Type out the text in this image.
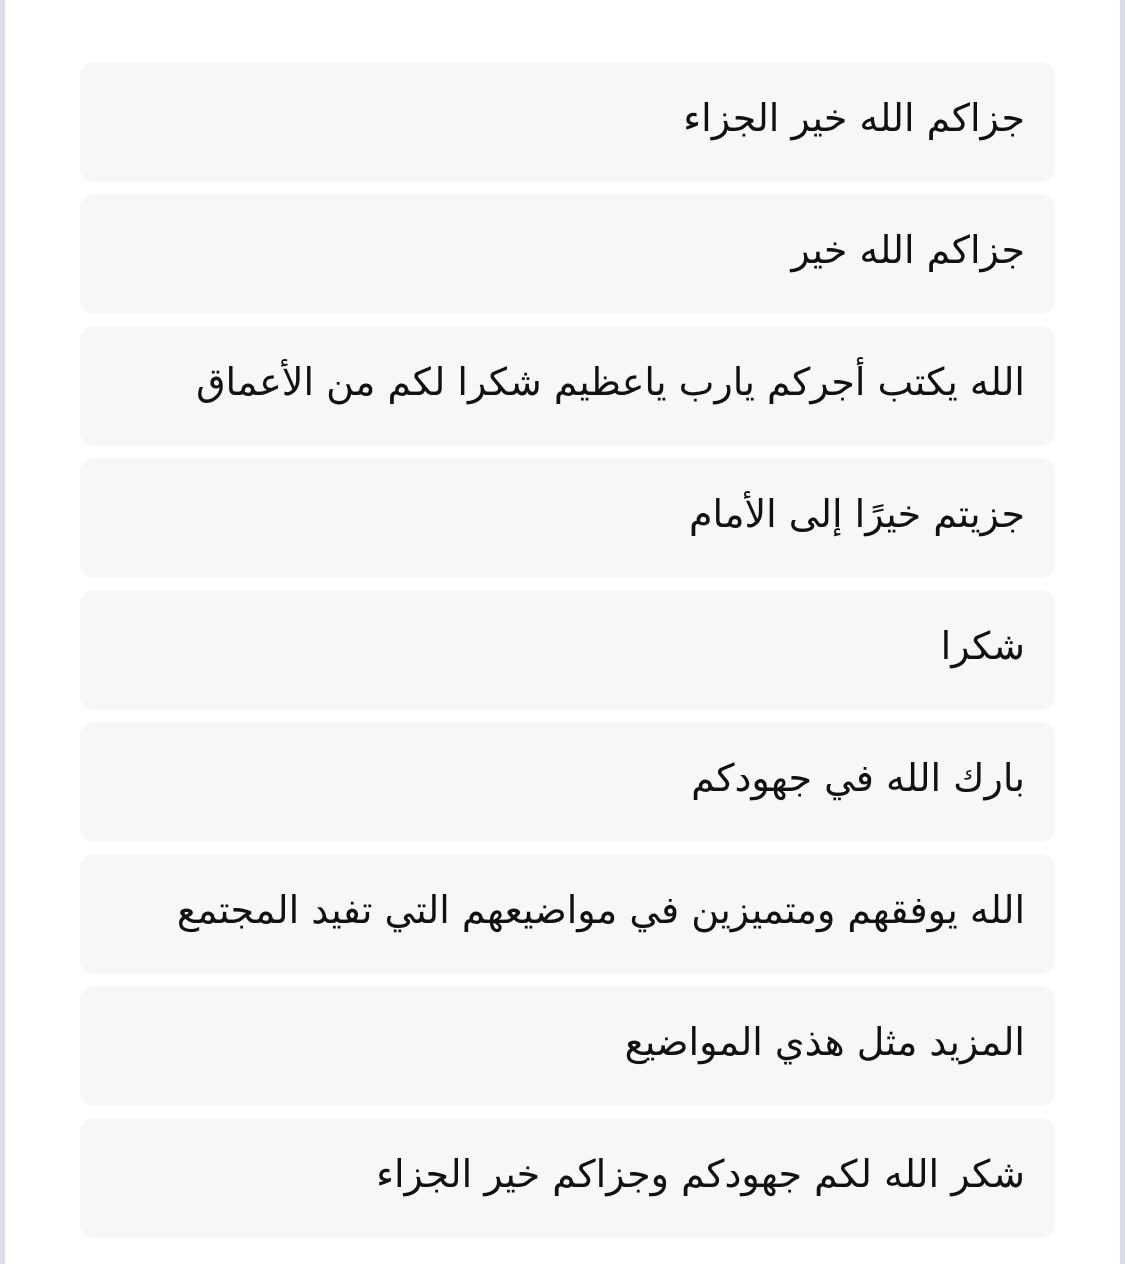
جزاكم الله خير الجزاء
جزاكم الله خير
الله يكتب أجركم يارب ياعظيم شكرا لكم من الأعماق
جزيتم خيرًا إلى الأمام
شكرا
بارك الله في جهودكم
الله يوفقهم ومتميزين في مواضيعهم التي تفيد المجتمع
المزيد مثل هذي المواضيع
شكر الله لكم جهودكم وجزاكم خير الجزاء
